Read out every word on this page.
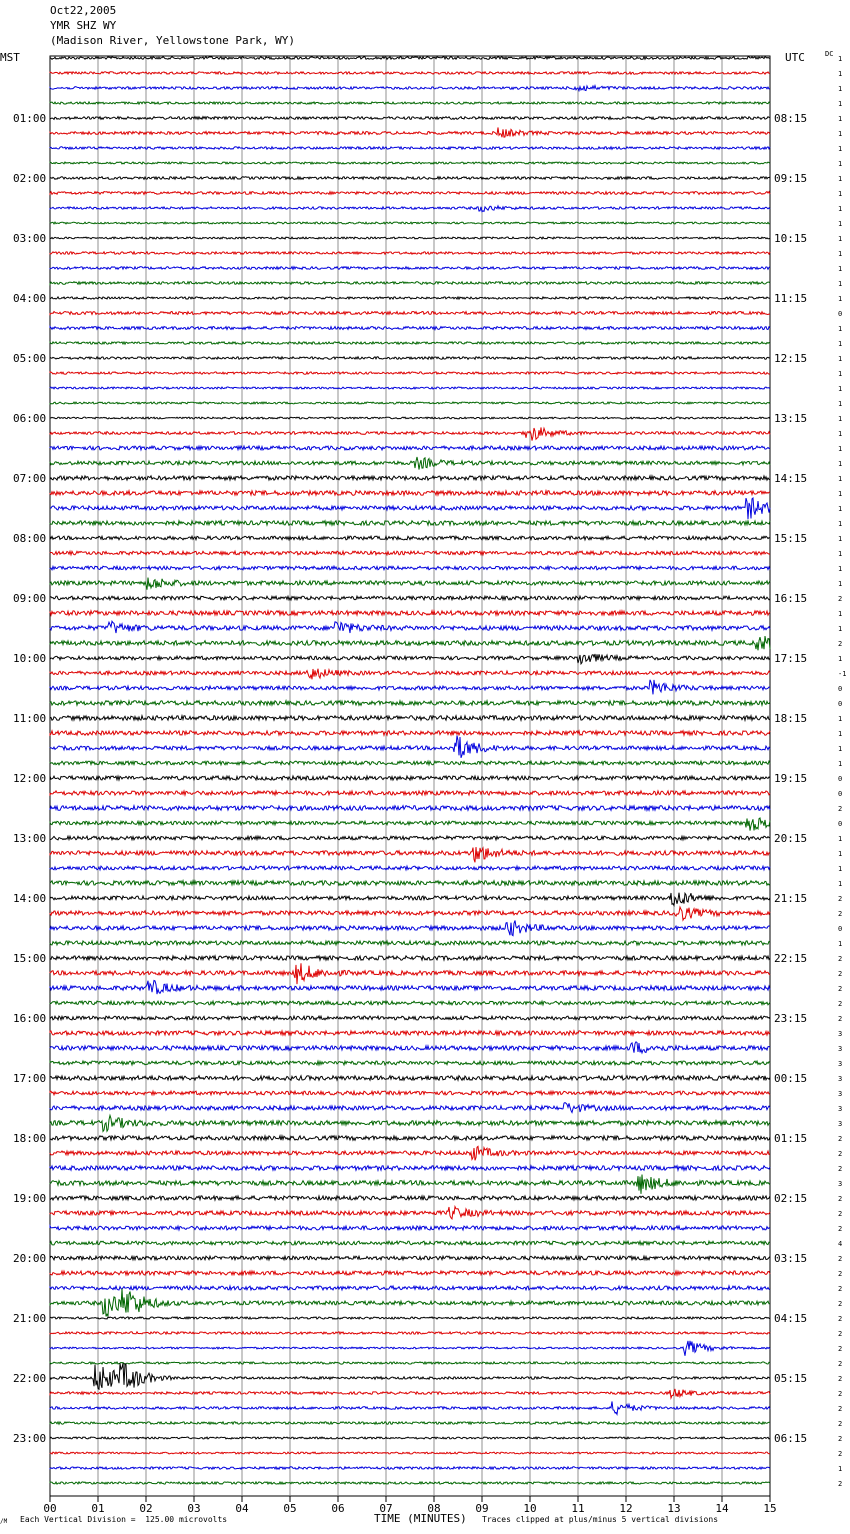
Oct22,2005
YMR SHZ WY
(Madison River, Yellowstone Park, WY)
MST	UTC	DC
1
1
1
1
1
1
1
1
1
1
1
1
1
1
1
1
1
0
1
1
1
1
1
1
1
1
1
1
1
1
1
1
1
1
1
1
2
1
1
2
1
-1
0
0
1
1
1
1
0
0
2
0
1
1
1
1
2
2
0
1
2
2
2
2
2
3
3
3
3
3
3
3
2
2
2
3
2
2
2
4
2
2
2
2
2
2
2
2
2
2
2
2
2
2
1
2
01:00
02:00
03:00
04:00
05:00
06:00
07:00
08:00
09:00
10:00
11:00
12:00
13:00
14:00
15:00
16:00
17:00
18:00
19:00
20:00
21:00
22:00
23:00
08:15
09:15
10:15
11:15
12:15
13:15
14:15
15:15
16:15
17:15
18:15
19:15
20:15
21:15
22:15
23:15
00:15
01:15
02:15
03:15
04:15
05:15
06:15
00	01	02	03	04	05	06	07	08	09	10	11	12	13	14	15
/M Each Vertical Division =  125.00 microvolts	TIME (MINUTES) Traces clipped at plus/minus 5 vertical divisions
